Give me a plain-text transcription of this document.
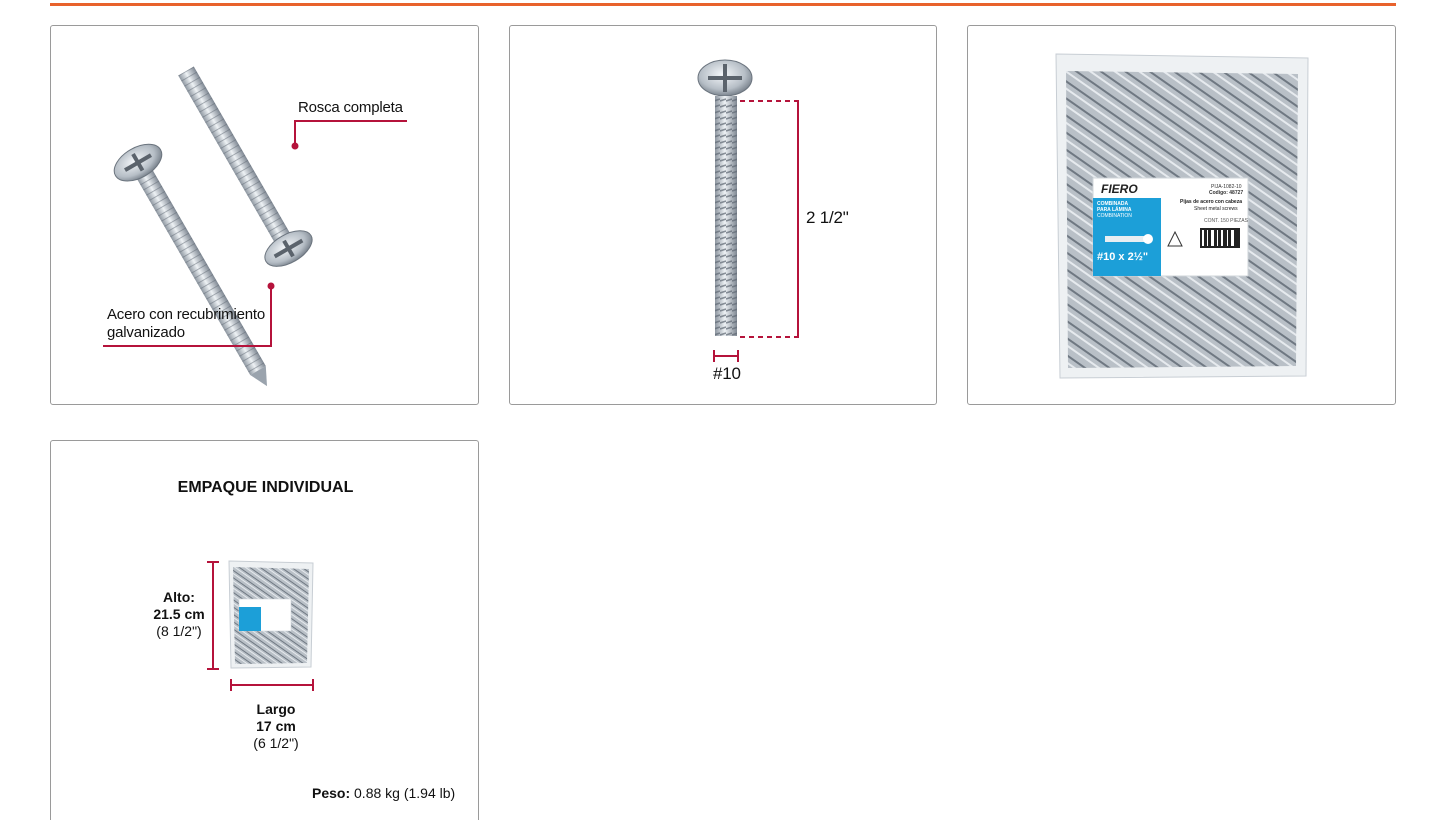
Rosca completa
Acero con recubrimiento
galvanizado
2 1/2"
#10
FIERO	PIJA-1082-10
Codigo: 48727
Pijas de acero con cabeza
Sheet metal screws
COMBINADA
PARA LÁMINA
COMBINATION
#10 x 2½"
CONT. 150 PIEZAS
EMPAQUE INDIVIDUAL
Alto:
21.5 cm
(8 1/2")
Largo
17 cm
(6 1/2")
Peso: 0.88 kg (1.94 lb)
